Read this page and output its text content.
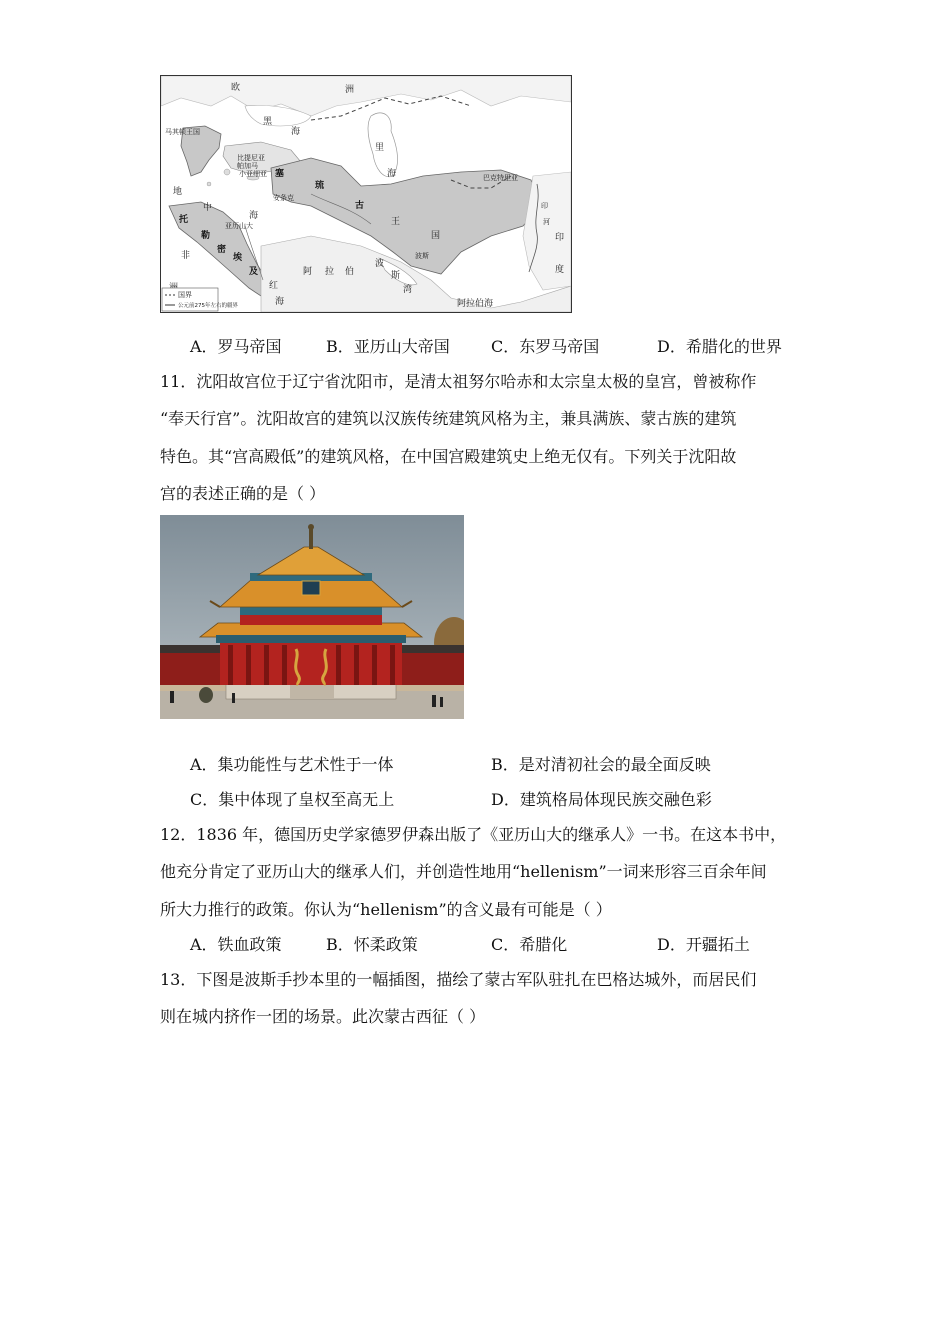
欧	洲
马其顿王国
黑
海
里
海
比提尼亚
帕加马
小亚细亚 塞
琉
古
王
国
安条克
亚历山大
巴克特里亚
地
中
海
托
勒
密
埃
及	阿 拉 伯
红
海
波
斯
湾
波斯
阿拉伯海
印
度
非
印
河
国界
公元前275年左右的疆界
A．罗马帝国	B．亚历山大帝国	C．东罗马帝国	D．希腊化的世界
11．沈阳故宫位于辽宁省沈阳市，是清太祖努尔哈赤和太宗皇太极的皇宫，曾被称作
“奉天行宫”。沈阳故宫的建筑以汉族传统建筑风格为主，兼具满族、蒙古族的建筑
特色。其“宫高殿低”的建筑风格，在中国宫殿建筑史上绝无仅有。下列关于沈阳故
宫的表述正确的是（ ）
A．集功能性与艺术性于一体	B．是对清初社会的最全面反映
C．集中体现了皇权至高无上	D．建筑格局体现民族交融色彩
12．1836 年，德国历史学家德罗伊森出版了《亚历山大的继承人》一书。在这本书中，
他充分肯定了亚历山大的继承人们，并创造性地用“hellenism”一词来形容三百余年间
所大力推行的政策。你认为“hellenism”的含义最有可能是（ ）
A．铁血政策	B．怀柔政策	C．希腊化	D．开疆拓土
13．下图是波斯手抄本里的一幅插图，描绘了蒙古军队驻扎在巴格达城外，而居民们
则在城内挤作一团的场景。此次蒙古西征（ ）
